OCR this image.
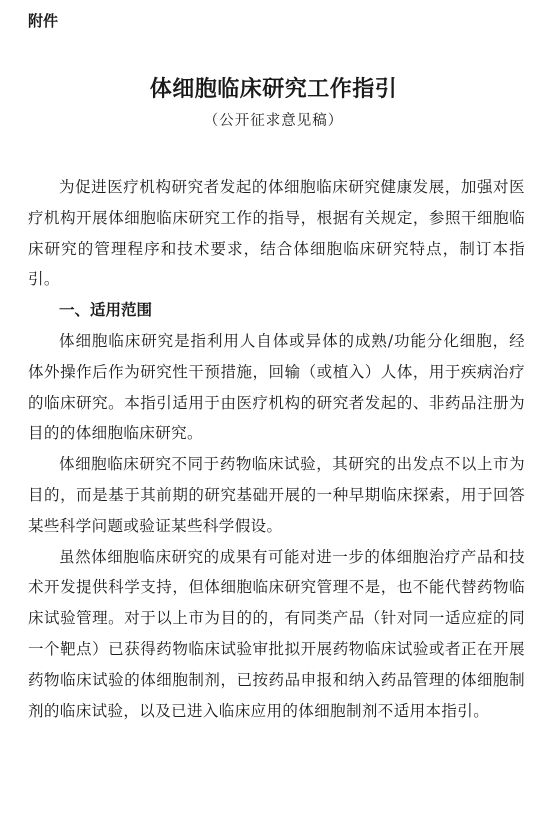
附件
体细胞临床研究工作指引
（公开征求意见稿）

为促进医疗机构研究者发起的体细胞临床研究健康发展，加强对医疗机构开展体细胞临床研究工作的指导，根据有关规定，参照干细胞临床研究的管理程序和技术要求，结合体细胞临床研究特点，制订本指引。

一、适用范围

体细胞临床研究是指利用人自体或异体的成熟/功能分化细胞，经体外操作后作为研究性干预措施，回输（或植入）人体，用于疾病治疗的临床研究。本指引适用于由医疗机构的研究者发起的、非药品注册为目的的体细胞临床研究。

体细胞临床研究不同于药物临床试验，其研究的出发点不以上市为目的，而是基于其前期的研究基础开展的一种早期临床探索，用于回答某些科学问题或验证某些科学假设。

虽然体细胞临床研究的成果有可能对进一步的体细胞治疗产品和技术开发提供科学支持，但体细胞临床研究管理不是，也不能代替药物临床试验管理。对于以上市为目的的，有同类产品（针对同一适应症的同一个靶点）已获得药物临床试验审批拟开展药物临床试验或者正在开展药物临床试验的体细胞制剂，已按药品申报和纳入药品管理的体细胞制剂的临床试验，以及已进入临床应用的体细胞制剂不适用本指引。
